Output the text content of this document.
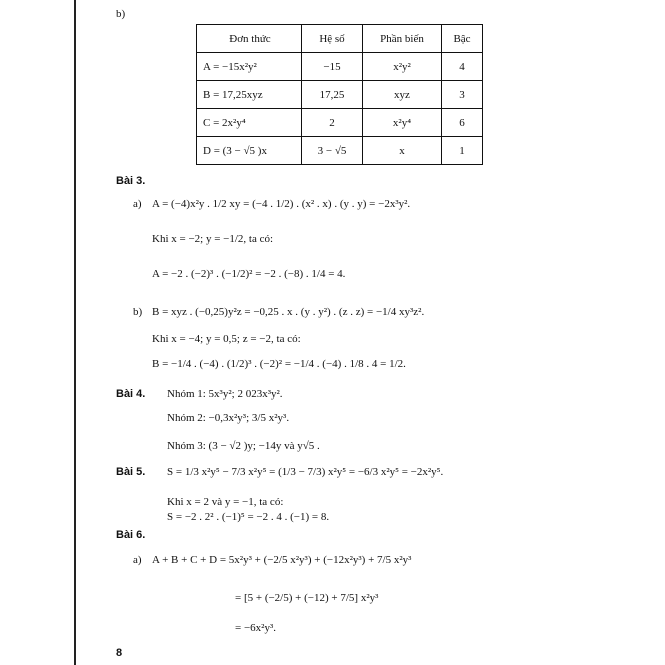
b)
Đơn thức	Hệ số	Phần biến	Bậc
A = −15x²y²	−15	x²y²	4
B = 17,25xyz	17,25	xyz	3
C = 2x²y⁴	2	x²y⁴	6
D = (3 − √5 )x	3 − √5	x	1
Bài 3.
a) A = (−4)x²y . 1/2 xy = (−4 . 1/2) . (x² . x) . (y . y) = −2x³y².
Khi x = −2; y = −1/2, ta có:
A = −2 . (−2)³ . (−1/2)² = −2 . (−8) . 1/4 = 4.
b) B = xyz . (−0,25)y²z = −0,25 . x . (y . y²) . (z . z) = −1/4 xy³z².
Khi x = −4; y = 0,5; z = −2, ta có:
B = −1/4 . (−4) . (1/2)³ . (−2)² = −1/4 . (−4) . 1/8 . 4 = 1/2.
Bài 4. Nhóm 1: 5x³y²; 2 023x³y².
Nhóm 2: −0,3x²y³; 3/5 x²y³.
Nhóm 3: (3 − √2 )y; −14y và y√5 .
Bài 5. S = 1/3 x²y⁵ − 7/3 x²y⁵ = (1/3 − 7/3) x²y⁵ = −6/3 x²y⁵ = −2x²y⁵.
Khi x = 2 và y = −1, ta có:
S = −2 . 2² . (−1)⁵ = −2 . 4 . (−1) = 8.
Bài 6.
a) A + B + C + D = 5x²y³ + (−2/5 x²y³) + (−12x²y³) + 7/5 x²y³
= [5 + (−2/5) + (−12) + 7/5] x²y³
= −6x²y³.
8
